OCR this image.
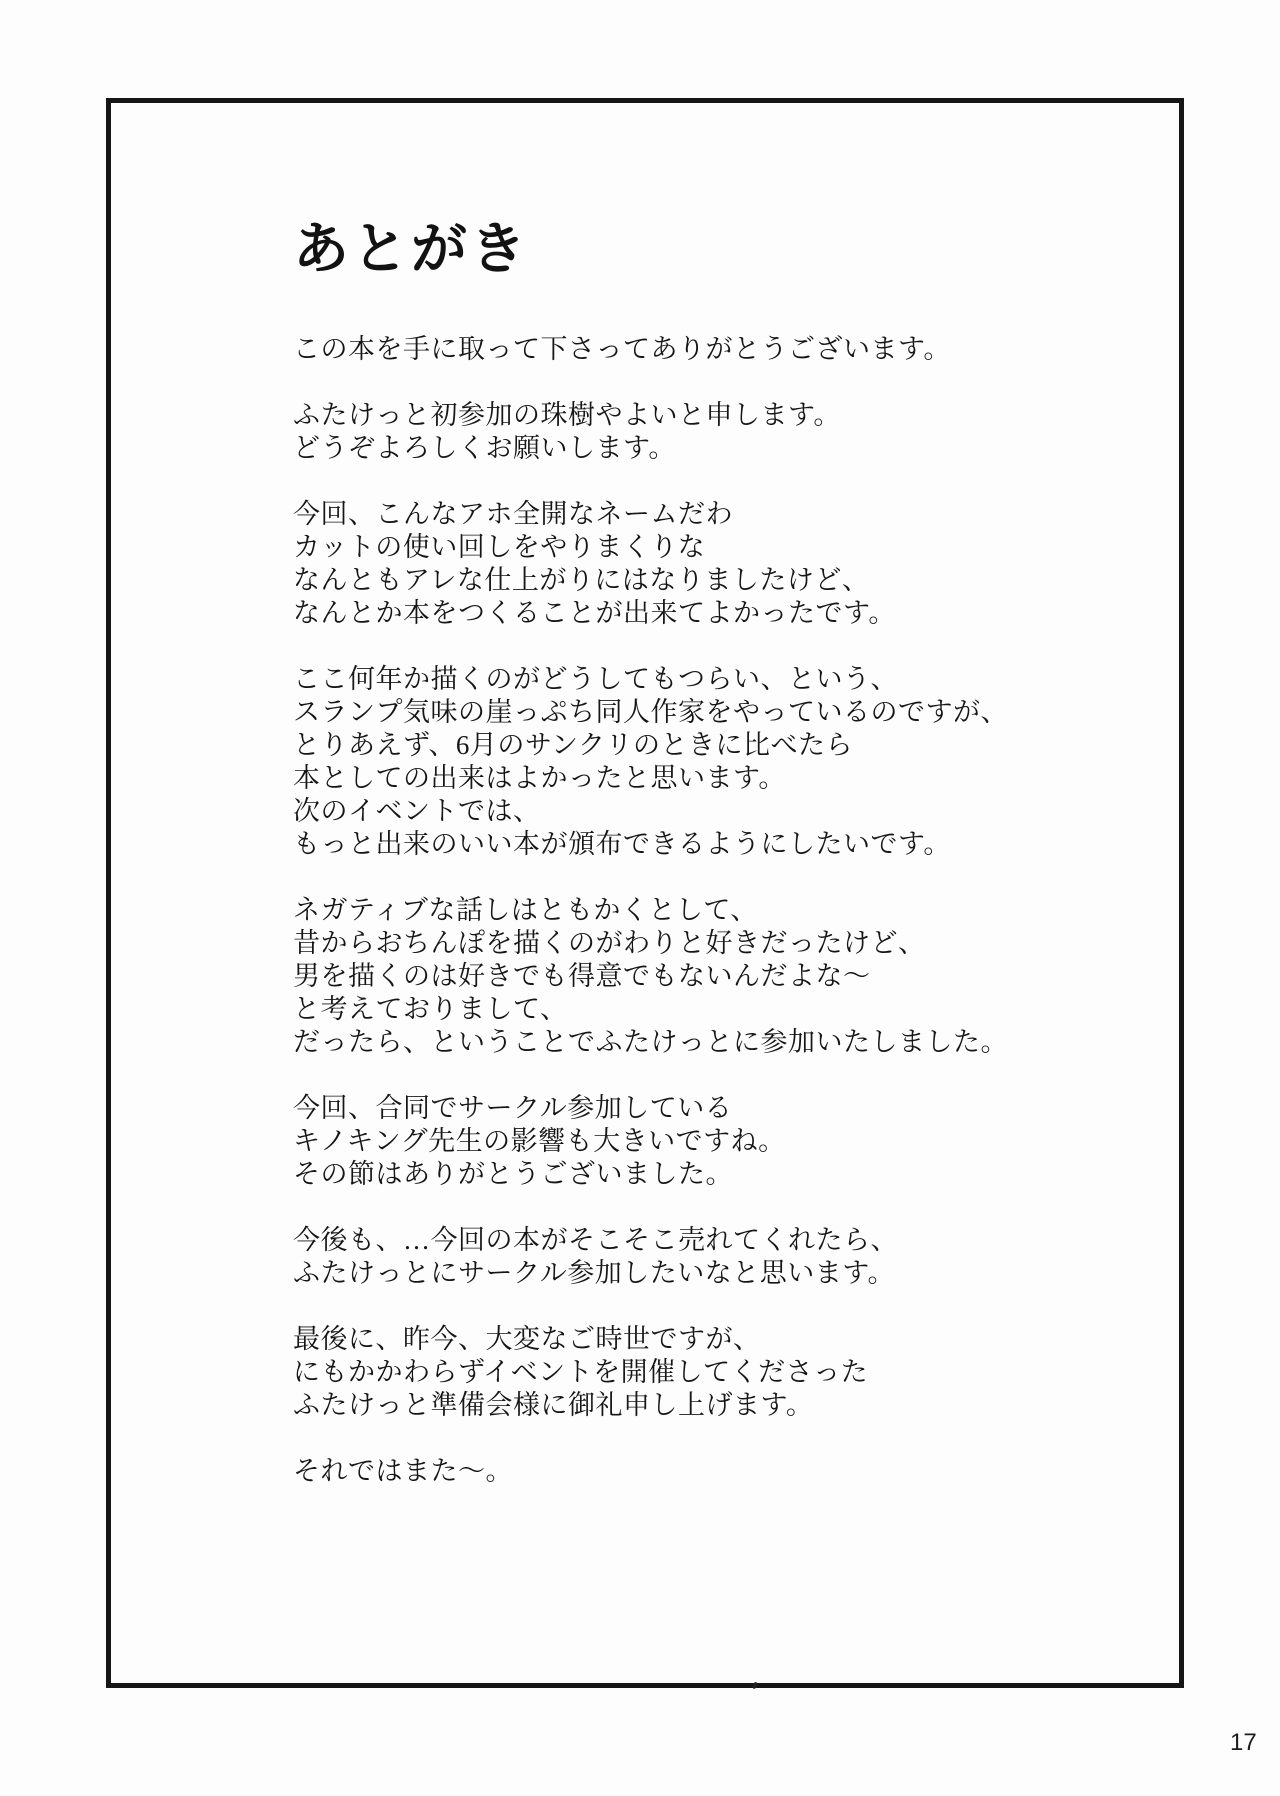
あとがき
この本を手に取って下さってありがとうございます。
ふたけっと初参加の珠樹やよいと申します。
どうぞよろしくお願いします。
今回、こんなアホ全開なネームだわ
カットの使い回しをやりまくりな
なんともアレな仕上がりにはなりましたけど、
なんとか本をつくることが出来てよかったです。
ここ何年か描くのがどうしてもつらい、という、
スランプ気味の崖っぷち同人作家をやっているのですが、
とりあえず、6月のサンクリのときに比べたら
本としての出来はよかったと思います。
次のイベントでは、
もっと出来のいい本が頒布できるようにしたいです。
ネガティブな話しはともかくとして、
昔からおちんぽを描くのがわりと好きだったけど、
男を描くのは好きでも得意でもないんだよな～
と考えておりまして、
だったら、ということでふたけっとに参加いたしました。
今回、合同でサークル参加している
キノキング先生の影響も大きいですね。
その節はありがとうございました。
今後も、…今回の本がそこそこ売れてくれたら、
ふたけっとにサークル参加したいなと思います。
最後に、昨今、大変なご時世ですが、
にもかかわらずイベントを開催してくださった
ふたけっと準備会様に御礼申し上げます。
それではまた～。
17
